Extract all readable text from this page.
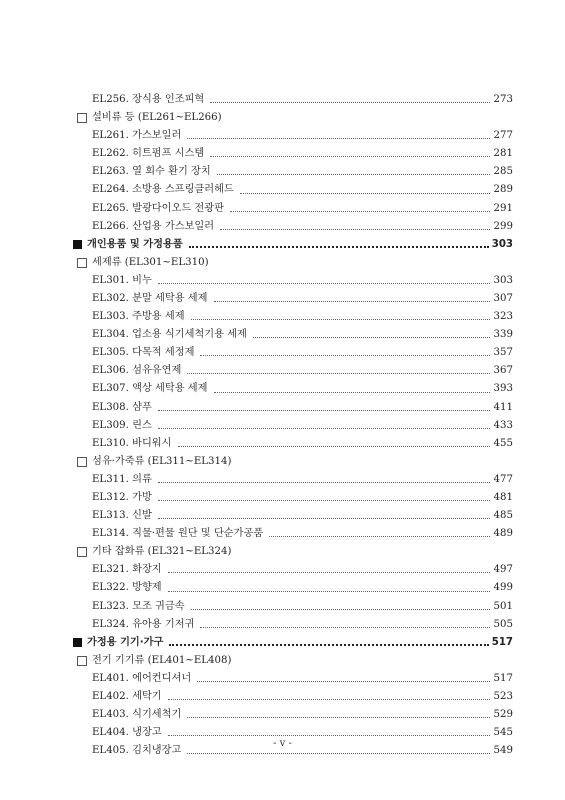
EL256. 장식용 인조피혁	273
설비류 등 (EL261~EL266)
EL261. 가스보일러	277
EL262. 히트펌프 시스템	281
EL263. 열 회수 환기 장치	285
EL264. 소방용 스프링클러헤드	289
EL265. 발광다이오드 전광판	291
EL266. 산업용 가스보일러	299
개인용품 및 가정용품	303
세제류 (EL301~EL310)
EL301. 비누	303
EL302. 분말 세탁용 세제	307
EL303. 주방용 세제	323
EL304. 업소용 식기세척기용 세제	339
EL305. 다목적 세정제	357
EL306. 섬유유연제	367
EL307. 액상 세탁용 세제	393
EL308. 샴푸	411
EL309. 린스	433
EL310. 바디워시	455
섬유·가죽류 (EL311~EL314)
EL311. 의류	477
EL312. 가방	481
EL313. 신발	485
EL314. 직물·편물 원단 및 단순가공품	489
기타 잡화류 (EL321~EL324)
EL321. 화장지	497
EL322. 방향제	499
EL323. 모조 귀금속	501
EL324. 유아용 기저귀	505
가정용 기기·가구	517
전기 기기류 (EL401~EL408)
EL401. 에어컨디셔너	517
EL402. 세탁기	523
EL403. 식기세척기	529
EL404. 냉장고	545
EL405. 김치냉장고	549
- v -
